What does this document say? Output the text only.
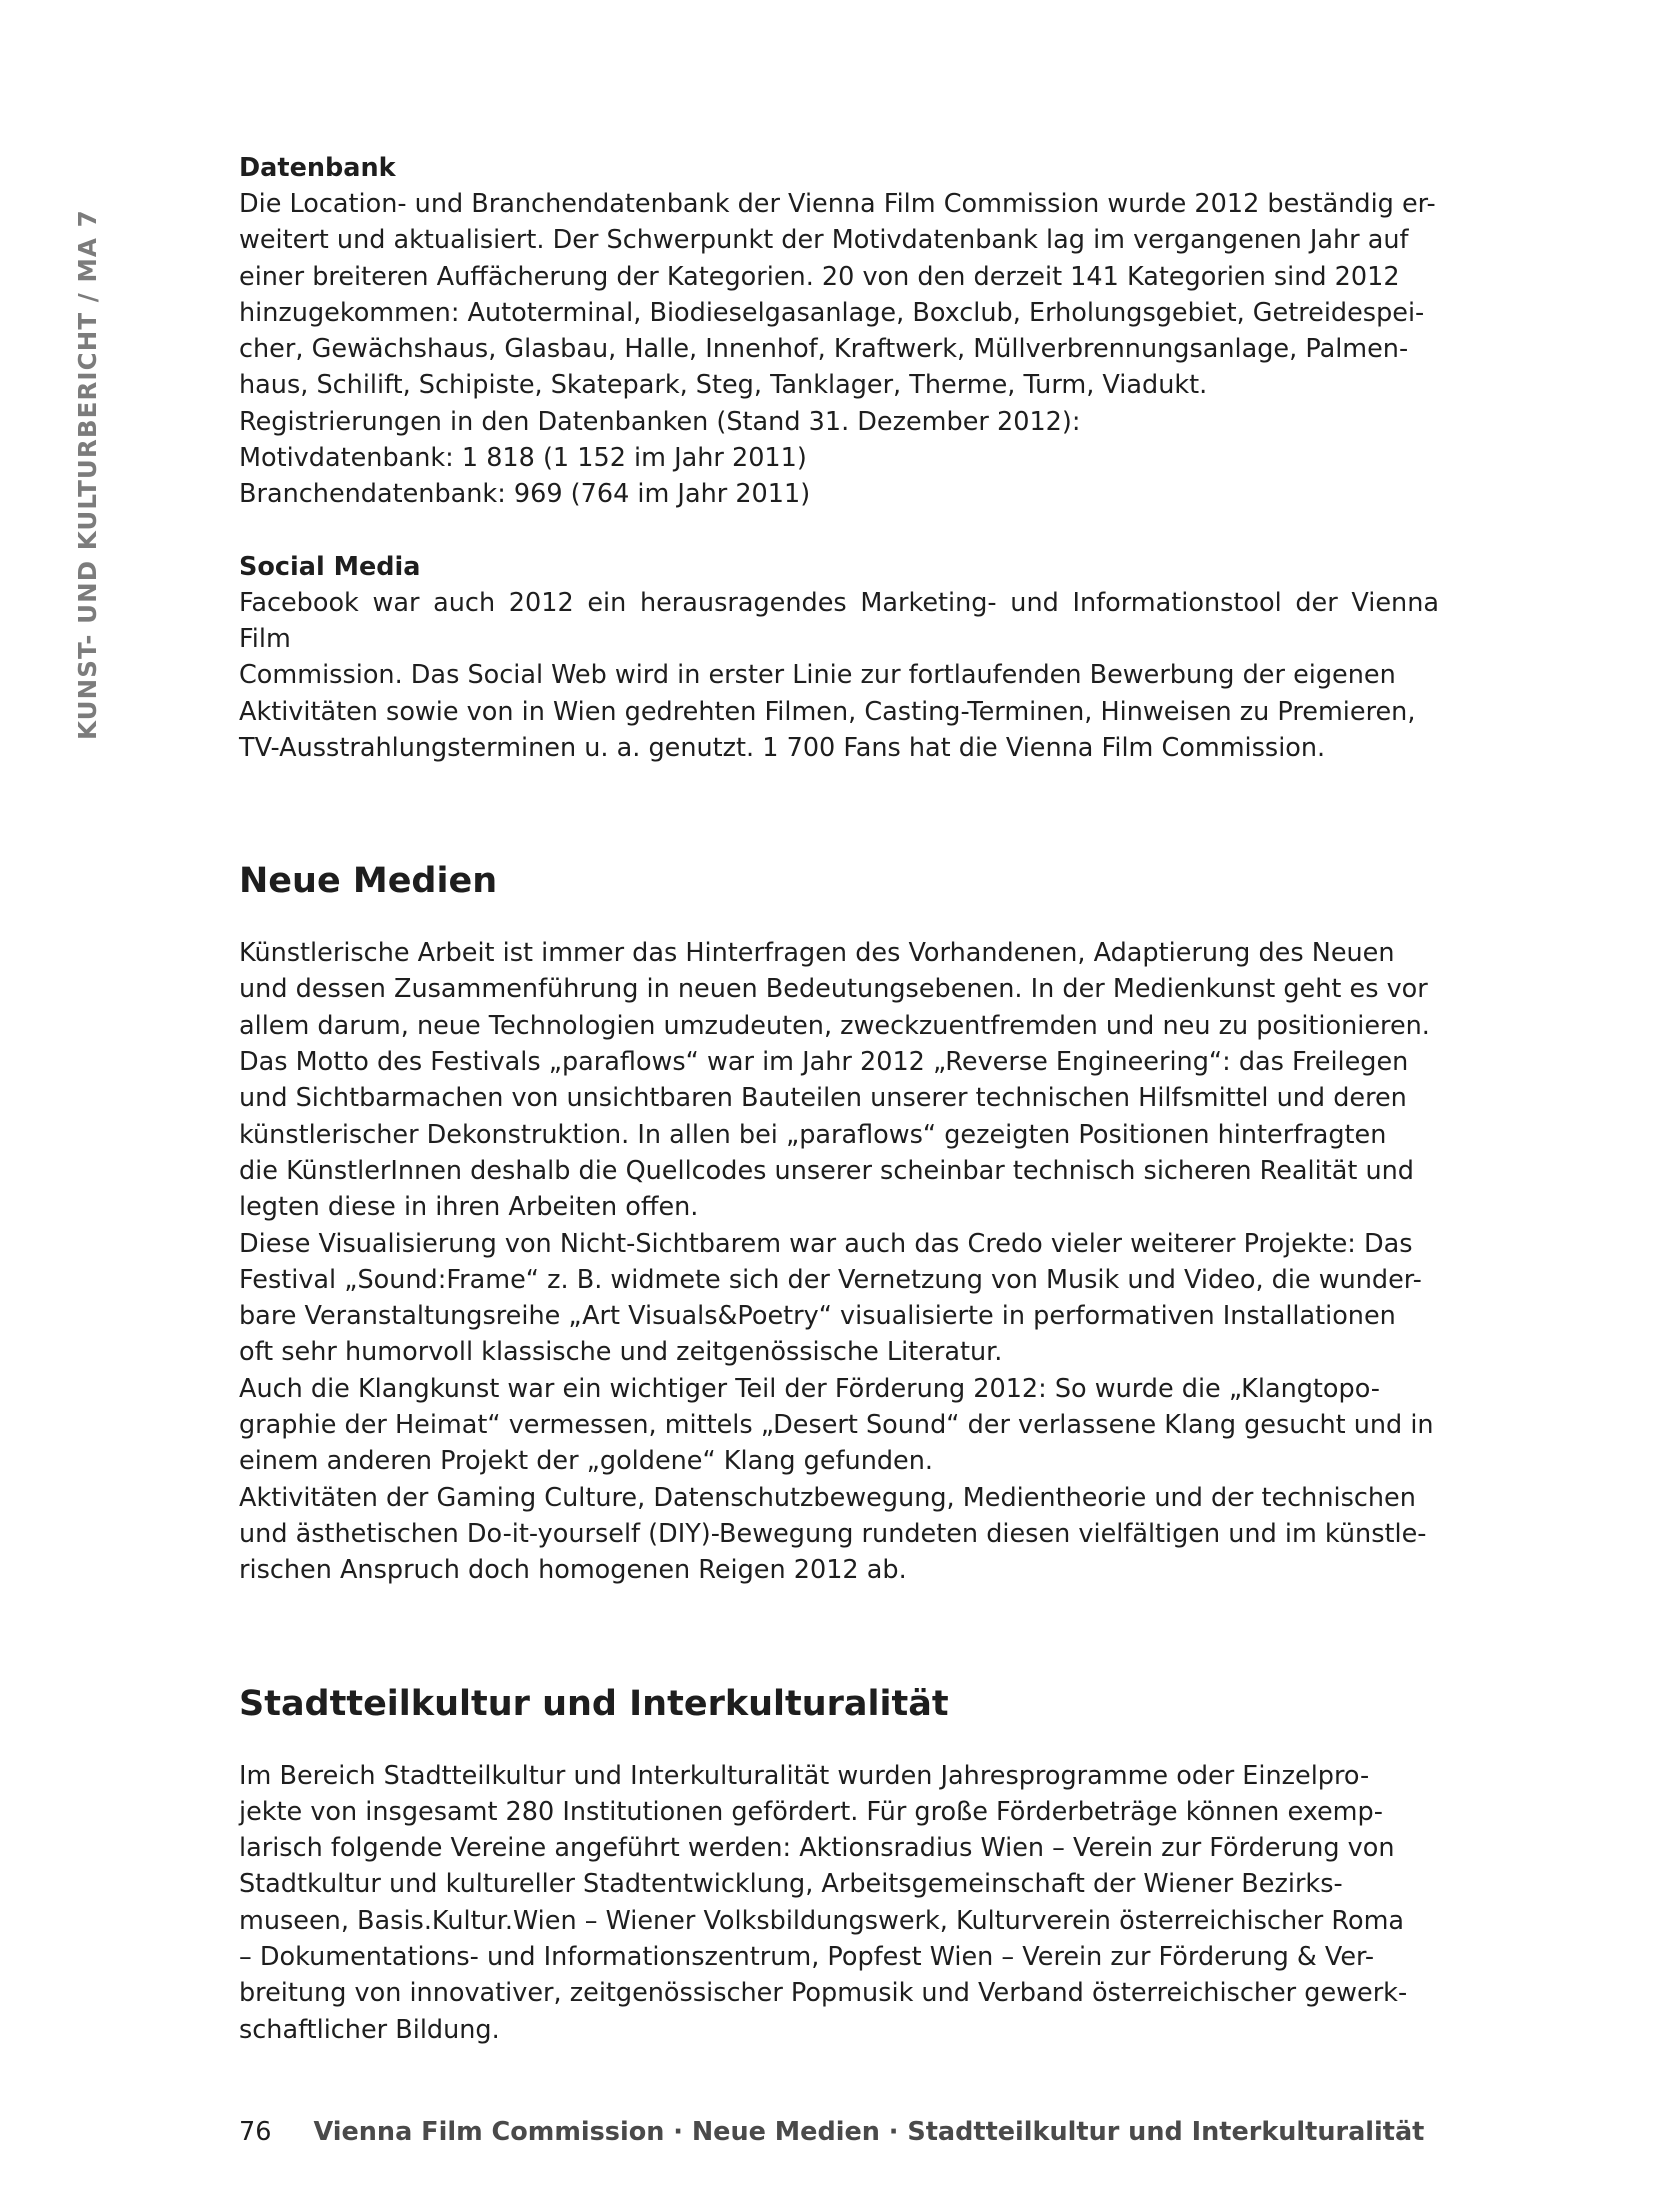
KUNST- UND KULTURBERICHT / MA 7
Datenbank

Die Location- und Branchendatenbank der Vienna Film Commission wurde 2012 beständig er-
weitert und aktualisiert. Der Schwerpunkt der Motivdatenbank lag im vergangenen Jahr auf
einer breiteren Auffächerung der Kategorien. 20 von den derzeit 141 Kategorien sind 2012
hinzugekommen: Autoterminal, Biodieselgasanlage, Boxclub, Erholungsgebiet, Getreidespei-
cher, Gewächshaus, Glasbau, Halle, Innenhof, Kraftwerk, Müllverbrennungsanlage, Palmen-
haus, Schilift, Schipiste, Skatepark, Steg, Tanklager, Therme, Turm, Viadukt.
Registrierungen in den Datenbanken (Stand 31. Dezember 2012):
Motivdatenbank: 1 818 (1 152 im Jahr 2011)
Branchendatenbank: 969 (764 im Jahr 2011)

Social Media

Facebook war auch 2012 ein herausragendes Marketing- und Informationstool der Vienna Film
Commission. Das Social Web wird in erster Linie zur fortlaufenden Bewerbung der eigenen
Aktivitäten sowie von in Wien gedrehten Filmen, Casting-Terminen, Hinweisen zu Premieren,
TV-Ausstrahlungsterminen u. a. genutzt. 1 700 Fans hat die Vienna Film Commission.

Neue Medien

Künstlerische Arbeit ist immer das Hinterfragen des Vorhandenen, Adaptierung des Neuen
und dessen Zusammenführung in neuen Bedeutungsebenen. In der Medienkunst geht es vor
allem darum, neue Technologien umzudeuten, zweckzuentfremden und neu zu positionieren.
Das Motto des Festivals „paraflows“ war im Jahr 2012 „Reverse Engineering“: das Freilegen
und Sichtbarmachen von unsichtbaren Bauteilen unserer technischen Hilfsmittel und deren
künstlerischer Dekonstruktion. In allen bei „paraflows“ gezeigten Positionen hinterfragten
die KünstlerInnen deshalb die Quellcodes unserer scheinbar technisch sicheren Realität und
legten diese in ihren Arbeiten offen.
Diese Visualisierung von Nicht-Sichtbarem war auch das Credo vieler weiterer Projekte: Das
Festival „Sound:Frame“ z. B. widmete sich der Vernetzung von Musik und Video, die wunder-
bare Veranstaltungsreihe „Art Visuals&Poetry“ visualisierte in performativen Installationen
oft sehr humorvoll klassische und zeitgenössische Literatur.
Auch die Klangkunst war ein wichtiger Teil der Förderung 2012: So wurde die „Klangtopo-
graphie der Heimat“ vermessen, mittels „Desert Sound“ der verlassene Klang gesucht und in
einem anderen Projekt der „goldene“ Klang gefunden.
Aktivitäten der Gaming Culture, Datenschutzbewegung, Medientheorie und der technischen
und ästhetischen Do-it-yourself (DIY)-Bewegung rundeten diesen vielfältigen und im künstle-
rischen Anspruch doch homogenen Reigen 2012 ab.

Stadtteilkultur und Interkulturalität

Im Bereich Stadtteilkultur und Interkulturalität wurden Jahresprogramme oder Einzelpro-
jekte von insgesamt 280 Institutionen gefördert. Für große Förderbeträge können exemp-
larisch folgende Vereine angeführt werden: Aktionsradius Wien – Verein zur Förderung von
Stadtkultur und kultureller Stadtentwicklung, Arbeitsgemeinschaft der Wiener Bezirks-
museen, Basis.Kultur.Wien – Wiener Volksbildungswerk, Kulturverein österreichischer Roma
– Dokumentations- und Informationszentrum, Popfest Wien – Verein zur Förderung & Ver-
breitung von innovativer, zeitgenössischer Popmusik und Verband österreichischer gewerk-
schaftlicher Bildung.

76 Vienna Film Commission · Neue Medien · Stadtteilkultur und Interkulturalität
